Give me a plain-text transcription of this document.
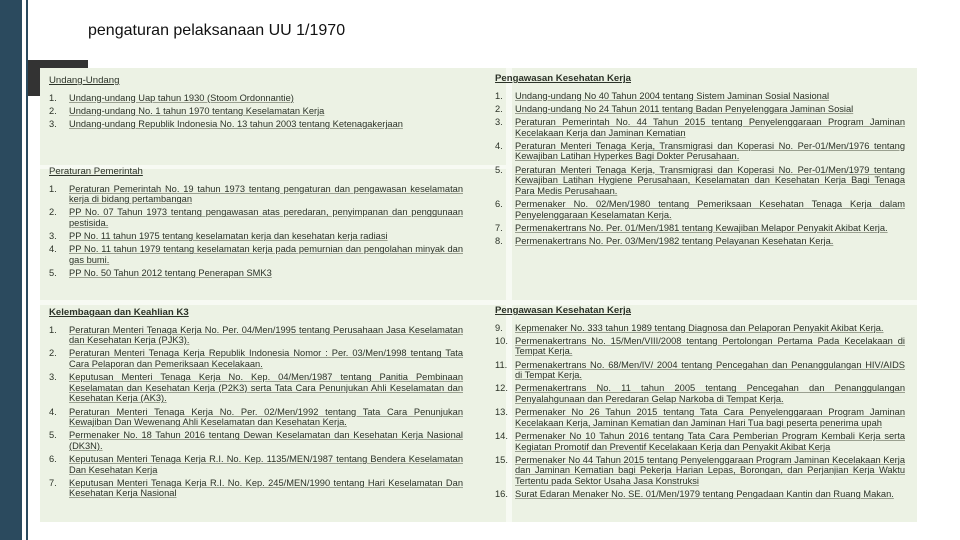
pengaturan pelaksanaan UU 1/1970
Undang-Undang
1.	Undang-undang Uap tahun 1930 (Stoom Ordonnantie)
2.	Undang-undang No. 1 tahun 1970 tentang Keselamatan Kerja
3.	Undang-undang Republik Indonesia No. 13 tahun 2003 tentang Ketenagakerjaan
Peraturan Pemerintah
1.	Peraturan Pemerintah No. 19 tahun 1973 tentang pengaturan dan pengawasan keselamatan kerja di bidang pertambangan
2.	PP No. 07 Tahun 1973 tentang pengawasan atas peredaran, penyimpanan dan penggunaan pestisida.
3.	PP No. 11 tahun 1975 tentang keselamatan kerja dan kesehatan kerja radiasi
4.	PP No. 11 tahun 1979 tentang keselamatan kerja pada pemurnian dan pengolahan minyak dan gas bumi.
5.	PP No. 50 Tahun 2012 tentang Penerapan SMK3
Kelembagaan dan Keahlian K3
1.	Peraturan Menteri Tenaga Kerja No. Per. 04/Men/1995 tentang Perusahaan Jasa Keselamatan dan Kesehatan Kerja (PJK3).
2.	Peraturan Menteri Tenaga Kerja Republik Indonesia Nomor : Per. 03/Men/1998 tentang Tata Cara Pelaporan dan Pemeriksaan Kecelakaan.
3.	Keputusan Menteri Tenaga Kerja No. Kep. 04/Men/1987 tentang Panitia Pembinaan Keselamatan dan Kesehatan Kerja (P2K3) serta Tata Cara Penunjukan Ahli Keselamatan dan Kesehatan Kerja (AK3).
4.	Peraturan Menteri Tenaga Kerja No. Per. 02/Men/1992 tentang Tata Cara Penunjukan Kewajiban Dan Wewenang Ahli Keselamatan dan Kesehatan Kerja.
5.	Permenaker No. 18 Tahun 2016 tentang Dewan Keselamatan dan Kesehatan Kerja Nasional (DK3N).
6.	Keputusan Menteri Tenaga Kerja R.I. No. Kep. 1135/MEN/1987 tentang Bendera Keselamatan Dan Kesehatan Kerja
7.	Keputusan Menteri Tenaga Kerja R.I. No. Kep. 245/MEN/1990 tentang Hari Keselamatan Dan Kesehatan Kerja Nasional
Pengawasan Kesehatan Kerja
1.	Undang-undang No 40 Tahun 2004 tentang Sistem Jaminan Sosial Nasional
2.	Undang-undang No 24 Tahun 2011 tentang Badan Penyelenggara Jaminan Sosial
3.	Peraturan Pemerintah No. 44 Tahun 2015 tentang Penyelenggaraan Program Jaminan Kecelakaan Kerja dan Jaminan Kematian
4.	Peraturan Menteri Tenaga Kerja, Transmigrasi dan Koperasi No. Per-01/Men/1976 tentang Kewajiban Latihan Hyperkes Bagi Dokter Perusahaan.
5.	Peraturan Menteri Tenaga Kerja, Transmigrasi dan Koperasi No. Per-01/Men/1979 tentang Kewajiban Latihan Hygiene Perusahaan, Keselamatan dan Kesehatan Kerja Bagi Tenaga Para Medis Perusahaan.
6.	Permenaker No. 02/Men/1980 tentang Pemeriksaan Kesehatan Tenaga Kerja dalam Penyelenggaraan Keselamatan Kerja.
7.	Permenakertrans No. Per. 01/Men/1981 tentang Kewajiban Melapor Penyakit Akibat Kerja.
8.	Permenakertrans No. Per. 03/Men/1982 tentang Pelayanan Kesehatan Kerja.
Pengawasan Kesehatan Kerja
9.	Kepmenaker No. 333 tahun 1989 tentang Diagnosa dan Pelaporan Penyakit Akibat Kerja.
10. Permenakertrans No. 15/Men/VIII/2008 tentang Pertolongan Pertama Pada Kecelakaan di Tempat Kerja.
11. Permenakertrans No. 68/Men/IV/ 2004 tentang Pencegahan dan Penanggulangan HIV/AIDS di Tempat Kerja.
12. Permenakertrans No. 11 tahun 2005 tentang Pencegahan dan Penanggulangan Penyalahgunaan dan Peredaran Gelap Narkoba di Tempat Kerja.
13. Permenaker No 26 Tahun 2015 tentang Tata Cara Penyelenggaraan Program Jaminan Kecelakaan Kerja, Jaminan Kematian dan Jaminan Hari Tua bagi peserta penerima upah
14. Permenaker No 10 Tahun 2016 tentang Tata Cara Pemberian Program Kembali Kerja serta Kegiatan Promotif dan Preventif Kecelakaan Kerja dan Penyakit Akibat Kerja
15. Permenaker No 44 Tahun 2015 tentang Penyelenggaraan Program Jaminan Kecelakaan Kerja dan Jaminan Kematian bagi Pekerja Harian Lepas, Borongan, dan Perjanjian Kerja Waktu Tertentu pada Sektor Usaha Jasa Konstruksi
16. Surat Edaran Menaker No. SE. 01/Men/1979 tentang Pengadaan Kantin dan Ruang Makan.
